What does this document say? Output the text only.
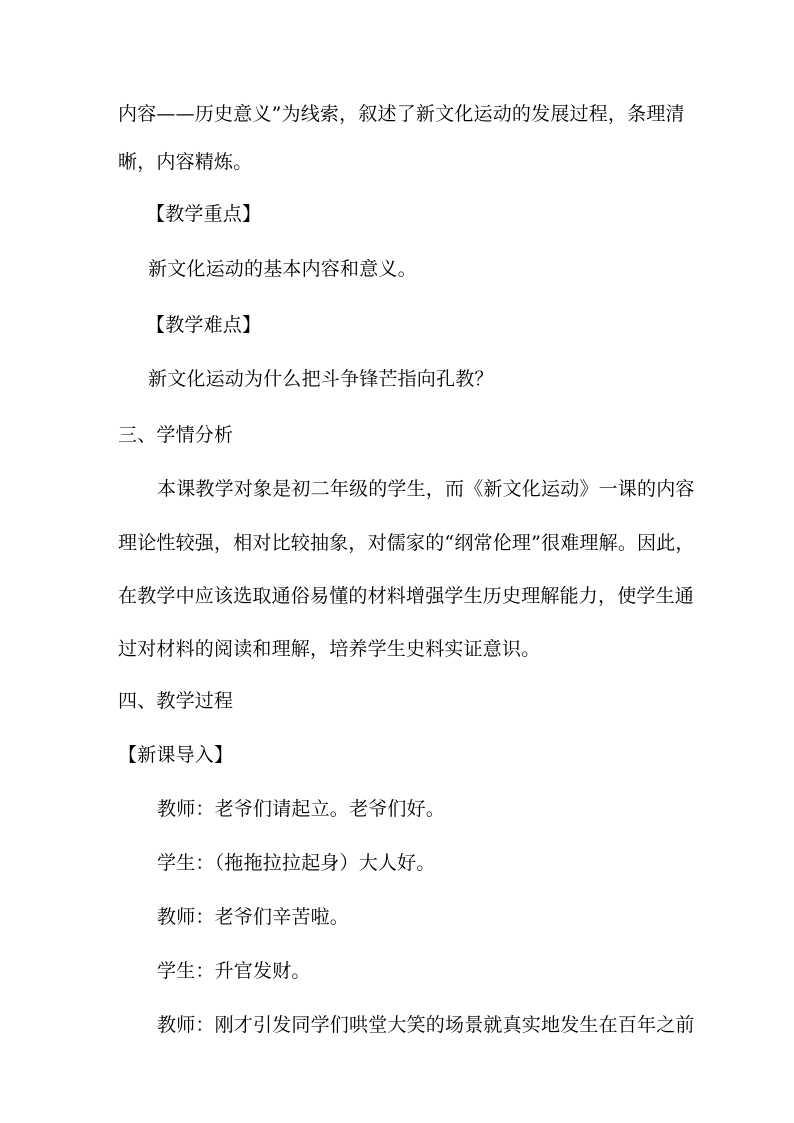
内容——历史意义”为线索，叙述了新文化运动的发展过程，条理清
晰，内容精炼。
【教学重点】
新文化运动的基本内容和意义。
【教学难点】
新文化运动为什么把斗争锋芒指向孔教？
三、学情分析
本课教学对象是初二年级的学生，而《新文化运动》一课的内容
理论性较强，相对比较抽象，对儒家的“纲常伦理”很难理解。因此，
在教学中应该选取通俗易懂的材料增强学生历史理解能力，使学生通
过对材料的阅读和理解，培养学生史料实证意识。
四、教学过程
【新课导入】
教师：老爷们请起立。老爷们好。
学生：（拖拖拉拉起身）大人好。
教师：老爷们辛苦啦。
学生：升官发财。
教师：刚才引发同学们哄堂大笑的场景就真实地发生在百年之前
